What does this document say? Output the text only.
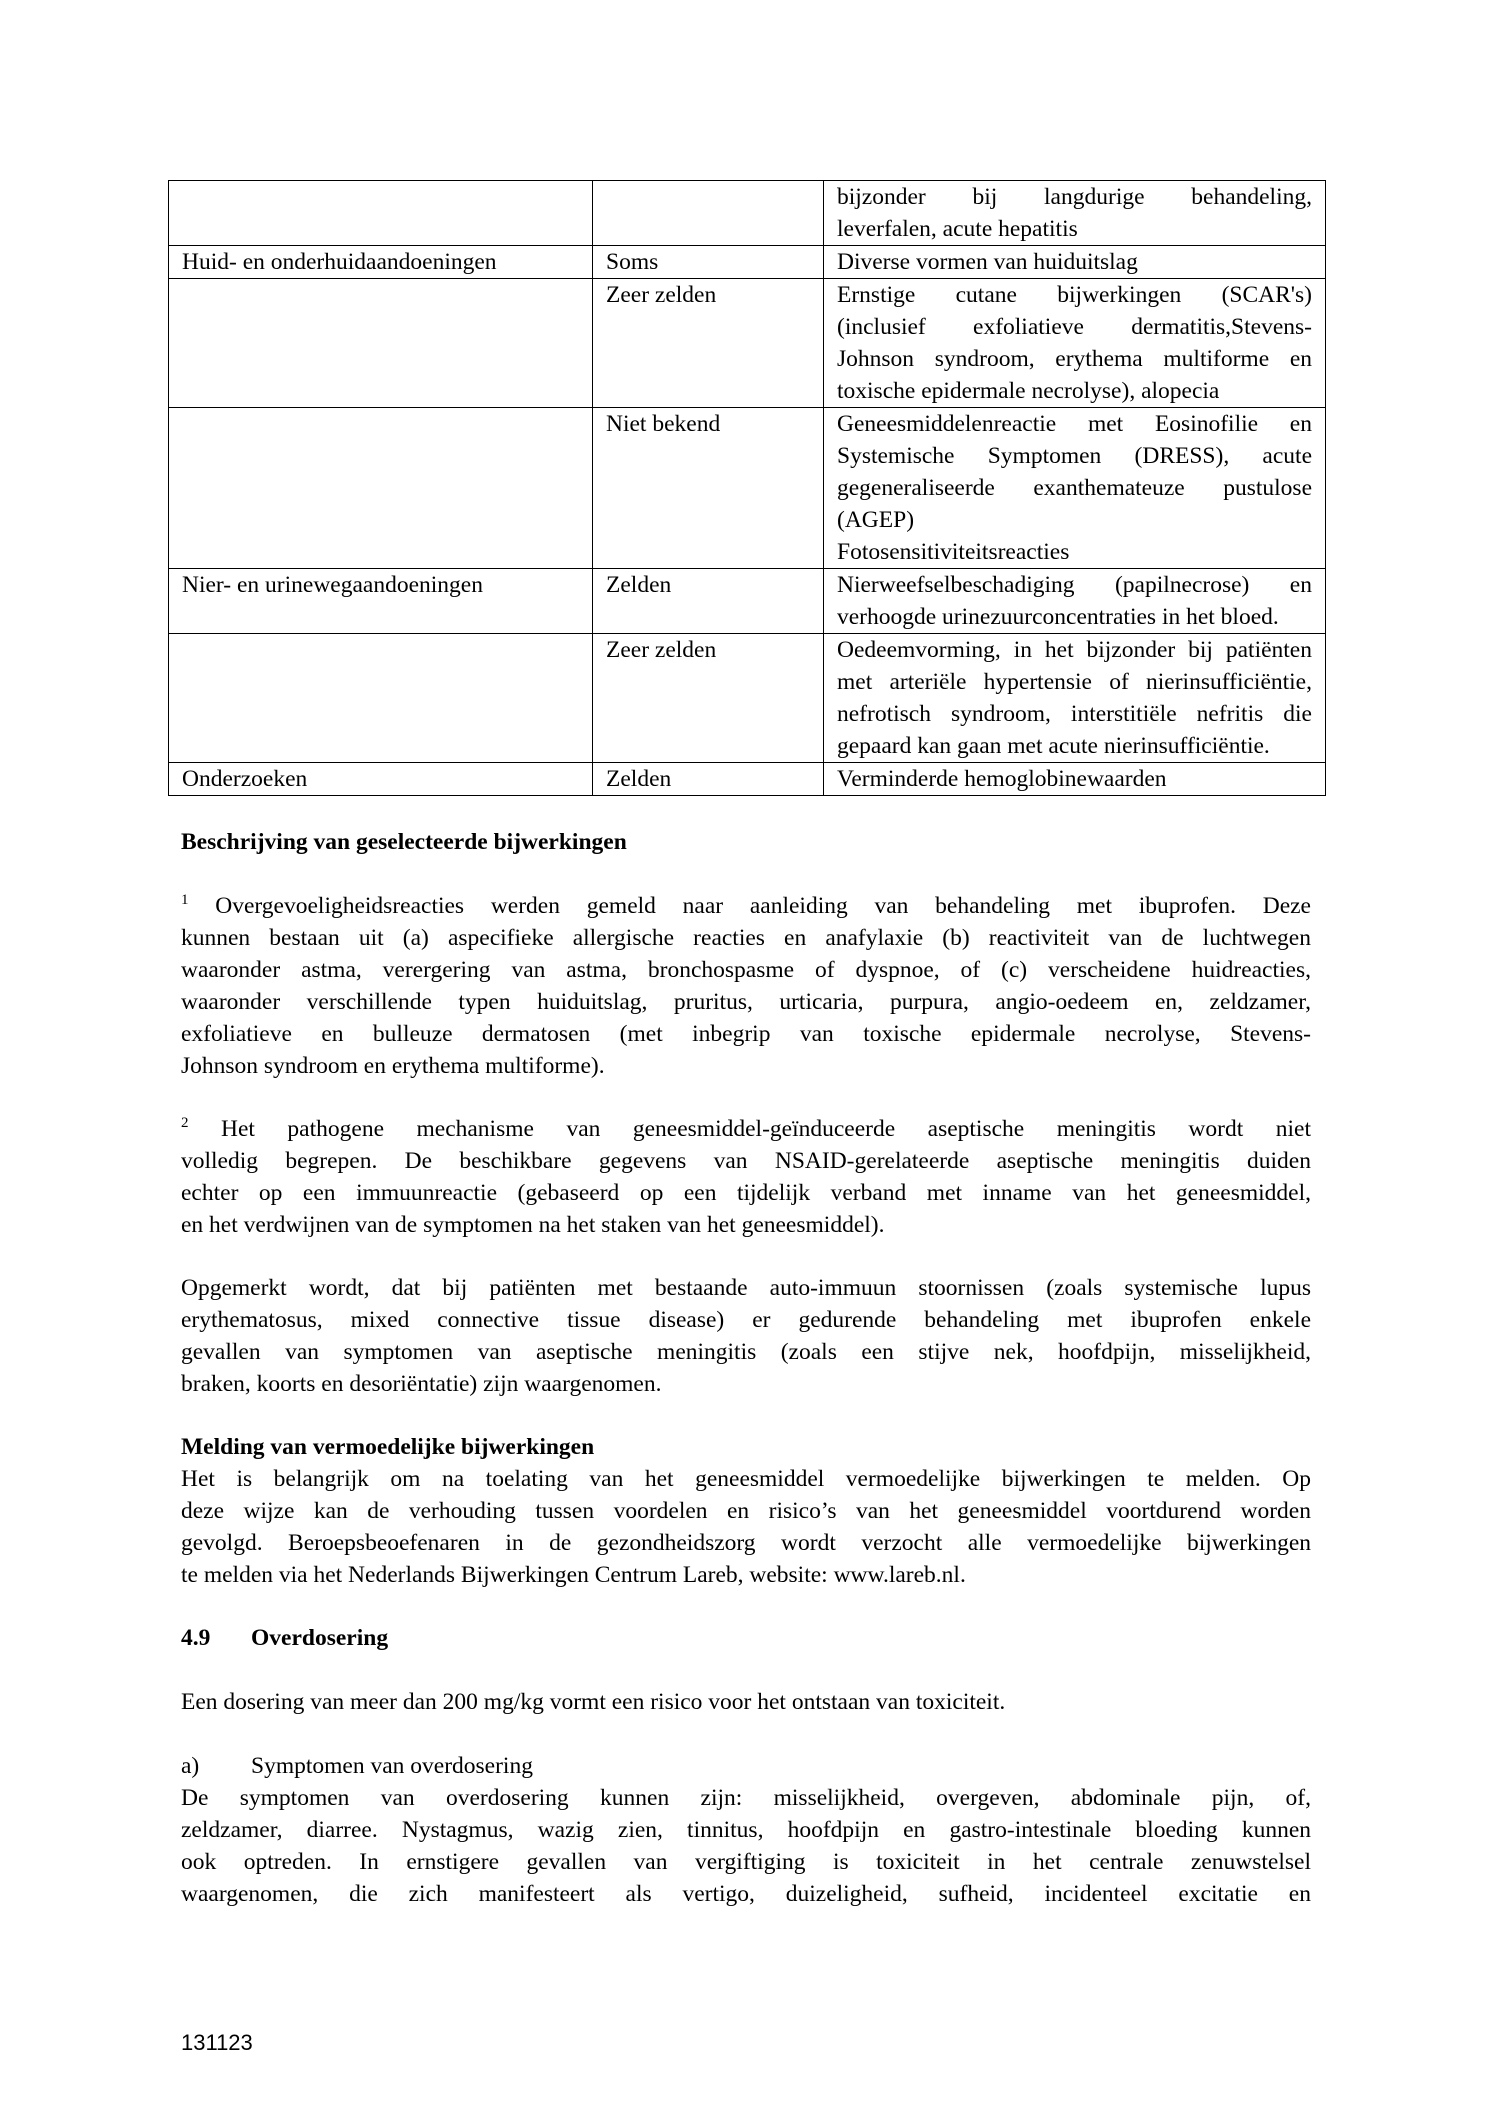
		bijzonder bij langdurige behandeling,
leverfalen, acute hepatitis

Huid- en onderhuidaandoeningen	Soms	Diverse vormen van huiduitslag

	Zeer zelden	Ernstige cutane bijwerkingen (SCAR's)
(inclusief exfoliatieve dermatitis,Stevens-
Johnson syndroom, erythema multiforme en
toxische epidermale necrolyse), alopecia

	Niet bekend	Geneesmiddelenreactie met Eosinofilie en
Systemische Symptomen (DRESS), acute
gegeneraliseerde exanthemateuze pustulose
(AGEP)
Fotosensitiviteitsreacties

Nier- en urinewegaandoeningen	Zelden	Nierweefselbeschadiging (papilnecrose) en
verhoogde urinezuurconcentraties in het bloed.

	Zeer zelden	Oedeemvorming, in het bijzonder bij patiënten
met arteriële hypertensie of nierinsufficiëntie,
nefrotisch syndroom, interstitiële nefritis die
gepaard kan gaan met acute nierinsufficiëntie.

Onderzoeken	Zelden	Verminderde hemoglobinewaarden
Beschrijving van geselecteerde bijwerkingen
$^1$ Overgevoeligheidsreacties werden gemeld naar aanleiding van behandeling met ibuprofen. Deze
kunnen bestaan uit (a) aspecifieke allergische reacties en anafylaxie (b) reactiviteit van de luchtwegen
waaronder astma, verergering van astma, bronchospasme of dyspnoe, of (c) verscheidene huidreacties,
waaronder verschillende typen huiduitslag, pruritus, urticaria, purpura, angio-oedeem en, zeldzamer,
exfoliatieve en bulleuze dermatosen (met inbegrip van toxische epidermale necrolyse, Stevens-
Johnson syndroom en erythema multiforme).
$^2$ Het pathogene mechanisme van geneesmiddel-geïnduceerde aseptische meningitis wordt niet
volledig begrepen. De beschikbare gegevens van NSAID-gerelateerde aseptische meningitis duiden
echter op een immuunreactie (gebaseerd op een tijdelijk verband met inname van het geneesmiddel,
en het verdwijnen van de symptomen na het staken van het geneesmiddel).
Opgemerkt wordt, dat bij patiënten met bestaande auto-immuun stoornissen (zoals systemische lupus
erythematosus, mixed connective tissue disease) er gedurende behandeling met ibuprofen enkele
gevallen van symptomen van aseptische meningitis (zoals een stijve nek, hoofdpijn, misselijkheid,
braken, koorts en desoriëntatie) zijn waargenomen.
Melding van vermoedelijke bijwerkingen
Het is belangrijk om na toelating van het geneesmiddel vermoedelijke bijwerkingen te melden. Op
deze wijze kan de verhouding tussen voordelen en risico’s van het geneesmiddel voortdurend worden
gevolgd. Beroepsbeoefenaren in de gezondheidszorg wordt verzocht alle vermoedelijke bijwerkingen
te melden via het Nederlands Bijwerkingen Centrum Lareb, website: www.lareb.nl.
4.9 Overdosering
Een dosering van meer dan 200 mg/kg vormt een risico voor het ontstaan van toxiciteit.
a) Symptomen van overdosering
De symptomen van overdosering kunnen zijn: misselijkheid, overgeven, abdominale pijn, of,
zeldzamer, diarree. Nystagmus, wazig zien, tinnitus, hoofdpijn en gastro-intestinale bloeding kunnen
ook optreden. In ernstigere gevallen van vergiftiging is toxiciteit in het centrale zenuwstelsel
waargenomen, die zich manifesteert als vertigo, duizeligheid, sufheid, incidenteel excitatie en
131123
